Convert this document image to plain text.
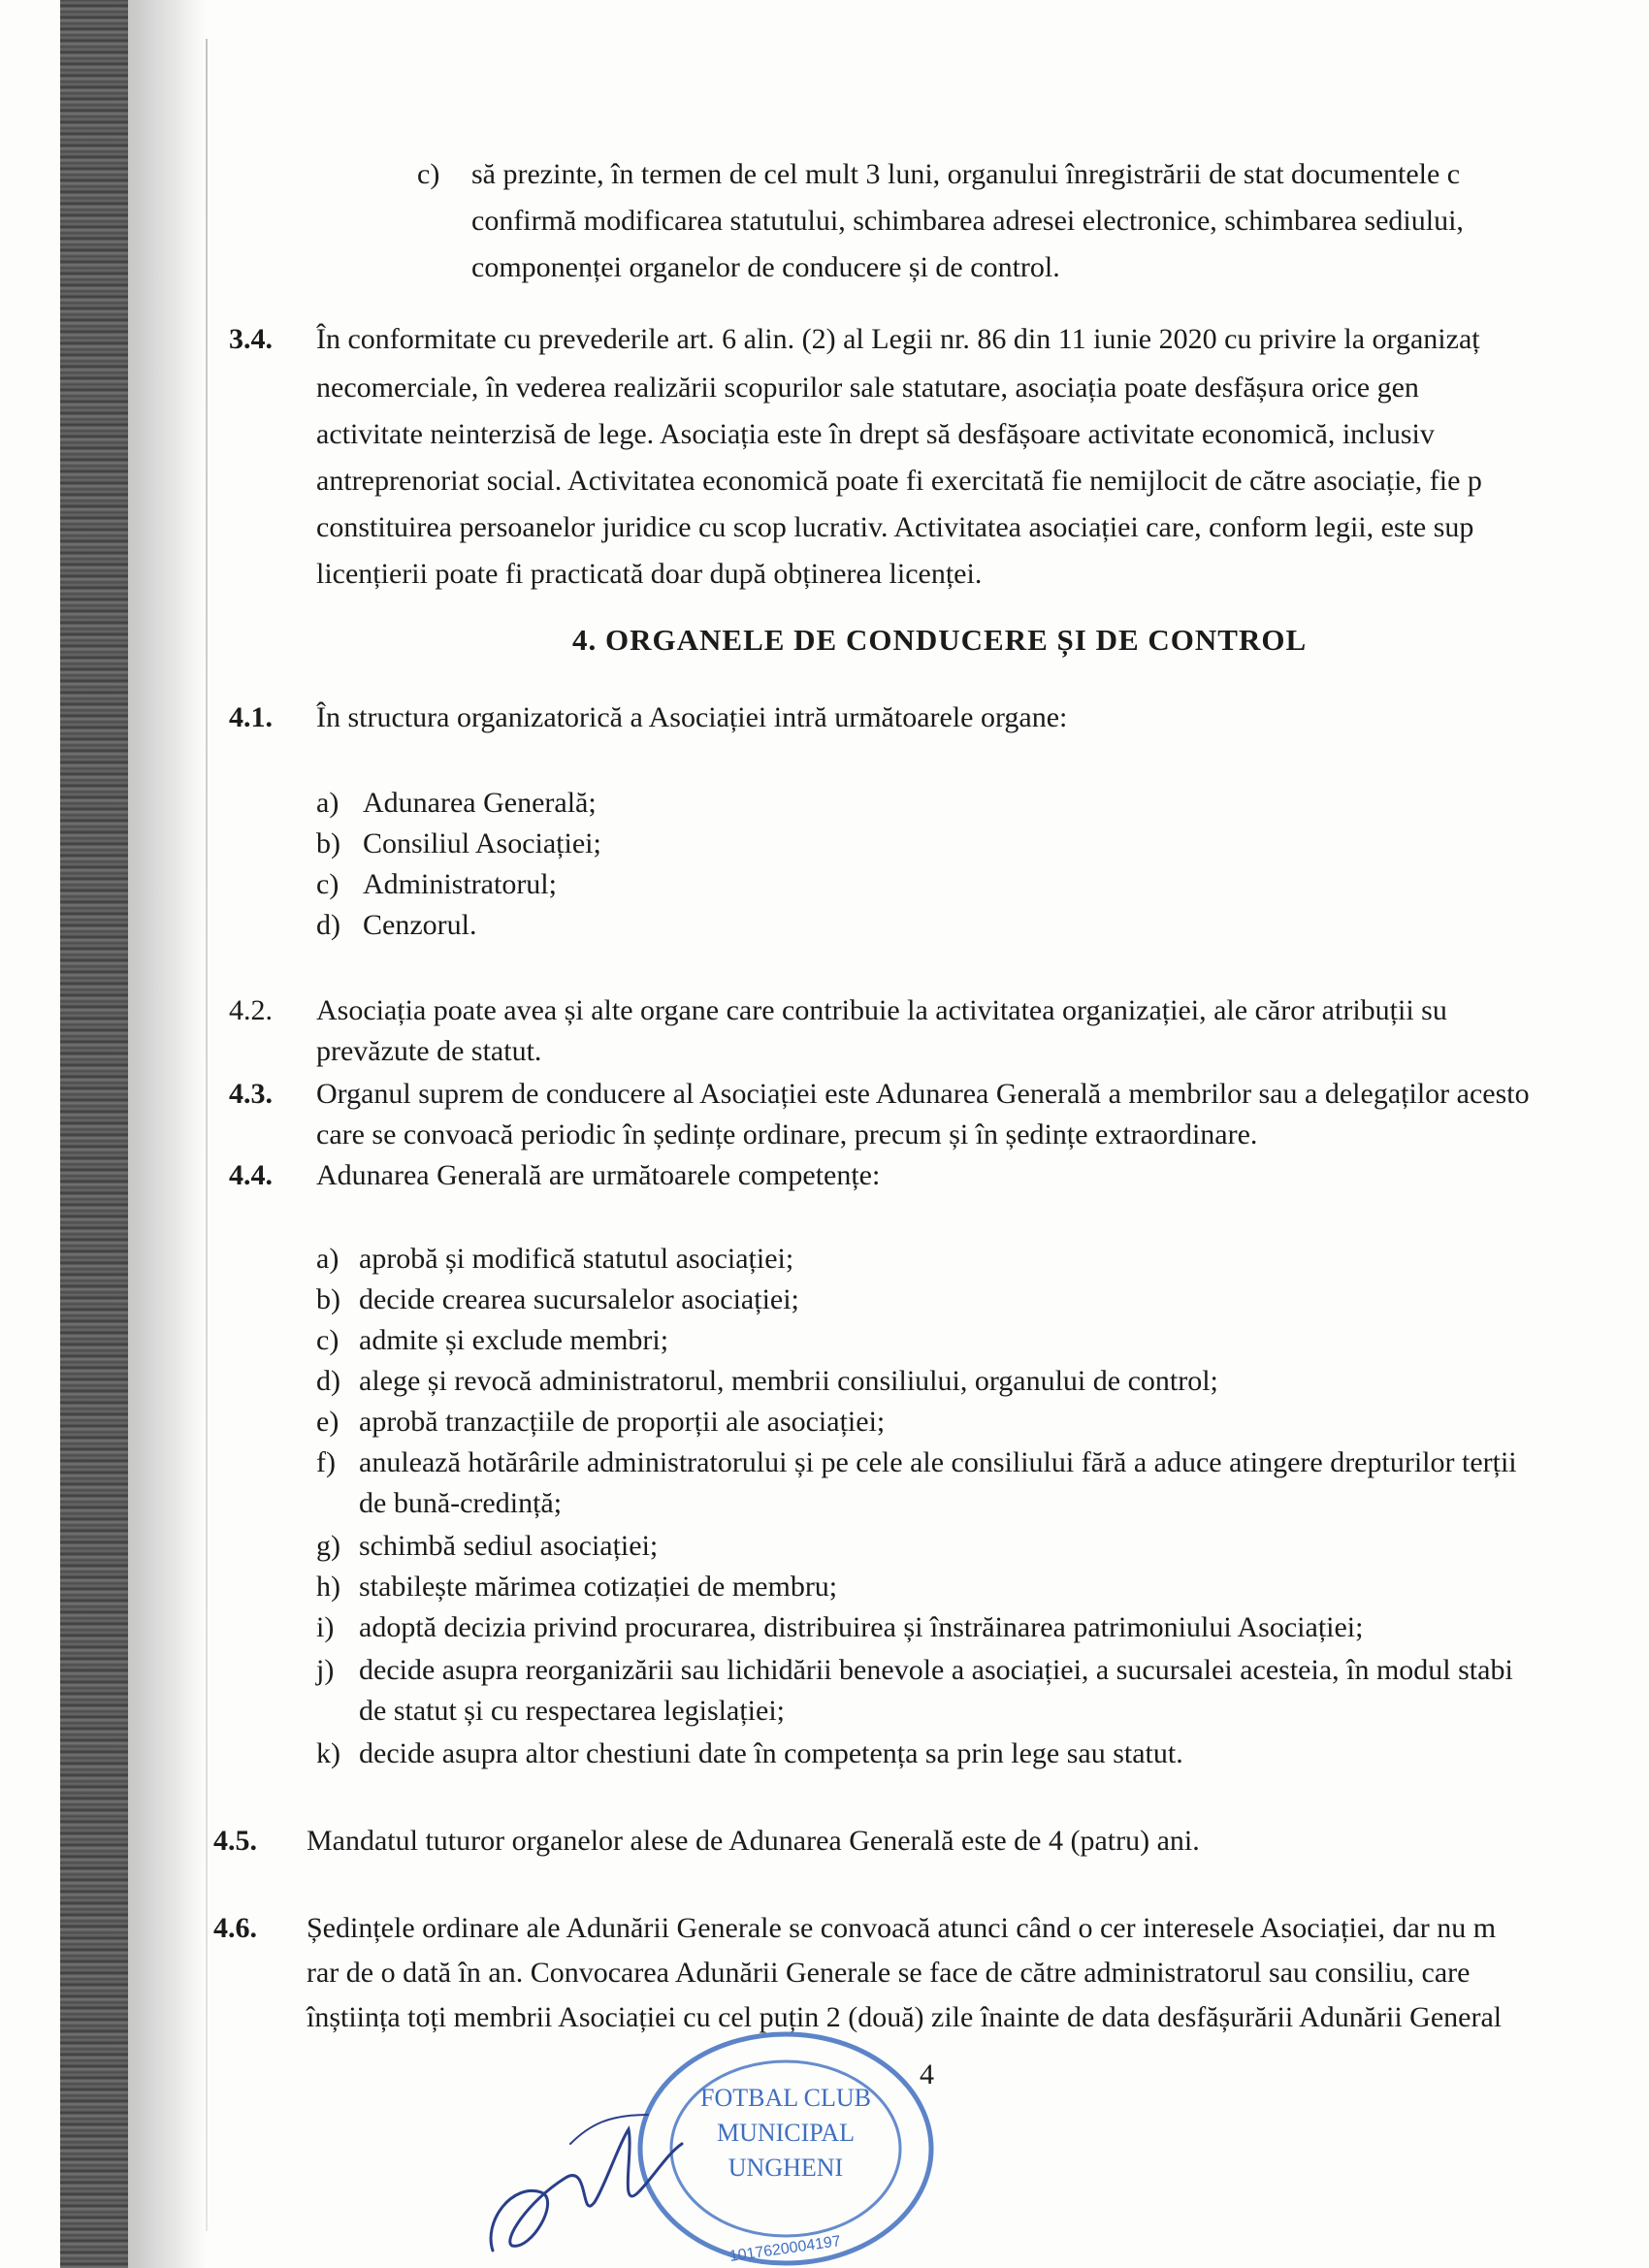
c) să prezinte, în termen de cel mult 3 luni, organului înregistrării de stat documentele c
confirmă modificarea statutului, schimbarea adresei electronice, schimbarea sediului,
componenței organelor de conducere și de control.
3.4. În conformitate cu prevederile art. 6 alin. (2) al Legii nr. 86 din 11 iunie 2020 cu privire la organizaț
necomerciale, în vederea realizării scopurilor sale statutare, asociația poate desfășura orice gen
activitate neinterzisă de lege. Asociația este în drept să desfășoare activitate economică, inclusiv
antreprenoriat social. Activitatea economică poate fi exercitată fie nemijlocit de către asociație, fie p
constituirea persoanelor juridice cu scop lucrativ. Activitatea asociației care, conform legii, este sup
licențierii poate fi practicată doar după obținerea licenței.
4. ORGANELE DE CONDUCERE ȘI DE CONTROL
4.1. În structura organizatorică a Asociației intră următoarele organe:
a) Adunarea Generală;
b) Consiliul Asociației;
c) Administratorul;
d) Cenzorul.
4.2. Asociația poate avea și alte organe care contribuie la activitatea organizației, ale căror atribuții su
prevăzute de statut.
4.3. Organul suprem de conducere al Asociației este Adunarea Generală a membrilor sau a delegaților acesto
care se convoacă periodic în ședințe ordinare, precum și în ședințe extraordinare.
4.4. Adunarea Generală are următoarele competențe:
a) aprobă și modifică statutul asociației;
b) decide crearea sucursalelor asociației;
c) admite și exclude membri;
d) alege și revocă administratorul, membrii consiliului, organului de control;
e) aprobă tranzacțiile de proporții ale asociației;
f) anulează hotărârile administratorului și pe cele ale consiliului fără a aduce atingere drepturilor terții
de bună-credință;
g) schimbă sediul asociației;
h) stabilește mărimea cotizației de membru;
i) adoptă decizia privind procurarea, distribuirea și înstrăinarea patrimoniului Asociației;
j) decide asupra reorganizării sau lichidării benevole a asociației, a sucursalei acesteia, în modul stabi
de statut și cu respectarea legislației;
k) decide asupra altor chestiuni date în competența sa prin lege sau statut.
4.5. Mandatul tuturor organelor alese de Adunarea Generală este de 4 (patru) ani.
4.6. Ședințele ordinare ale Adunării Generale se convoacă atunci când o cer interesele Asociației, dar nu m
rar de o dată în an. Convocarea Adunării Generale se face de către administratorul sau consiliu, care
înștiința toți membrii Asociației cu cel puțin 2 (două) zile înainte de data desfășurării Adunării General
4
FOTBAL CLUB
MUNICIPAL
UNGHENI
1017620004197
